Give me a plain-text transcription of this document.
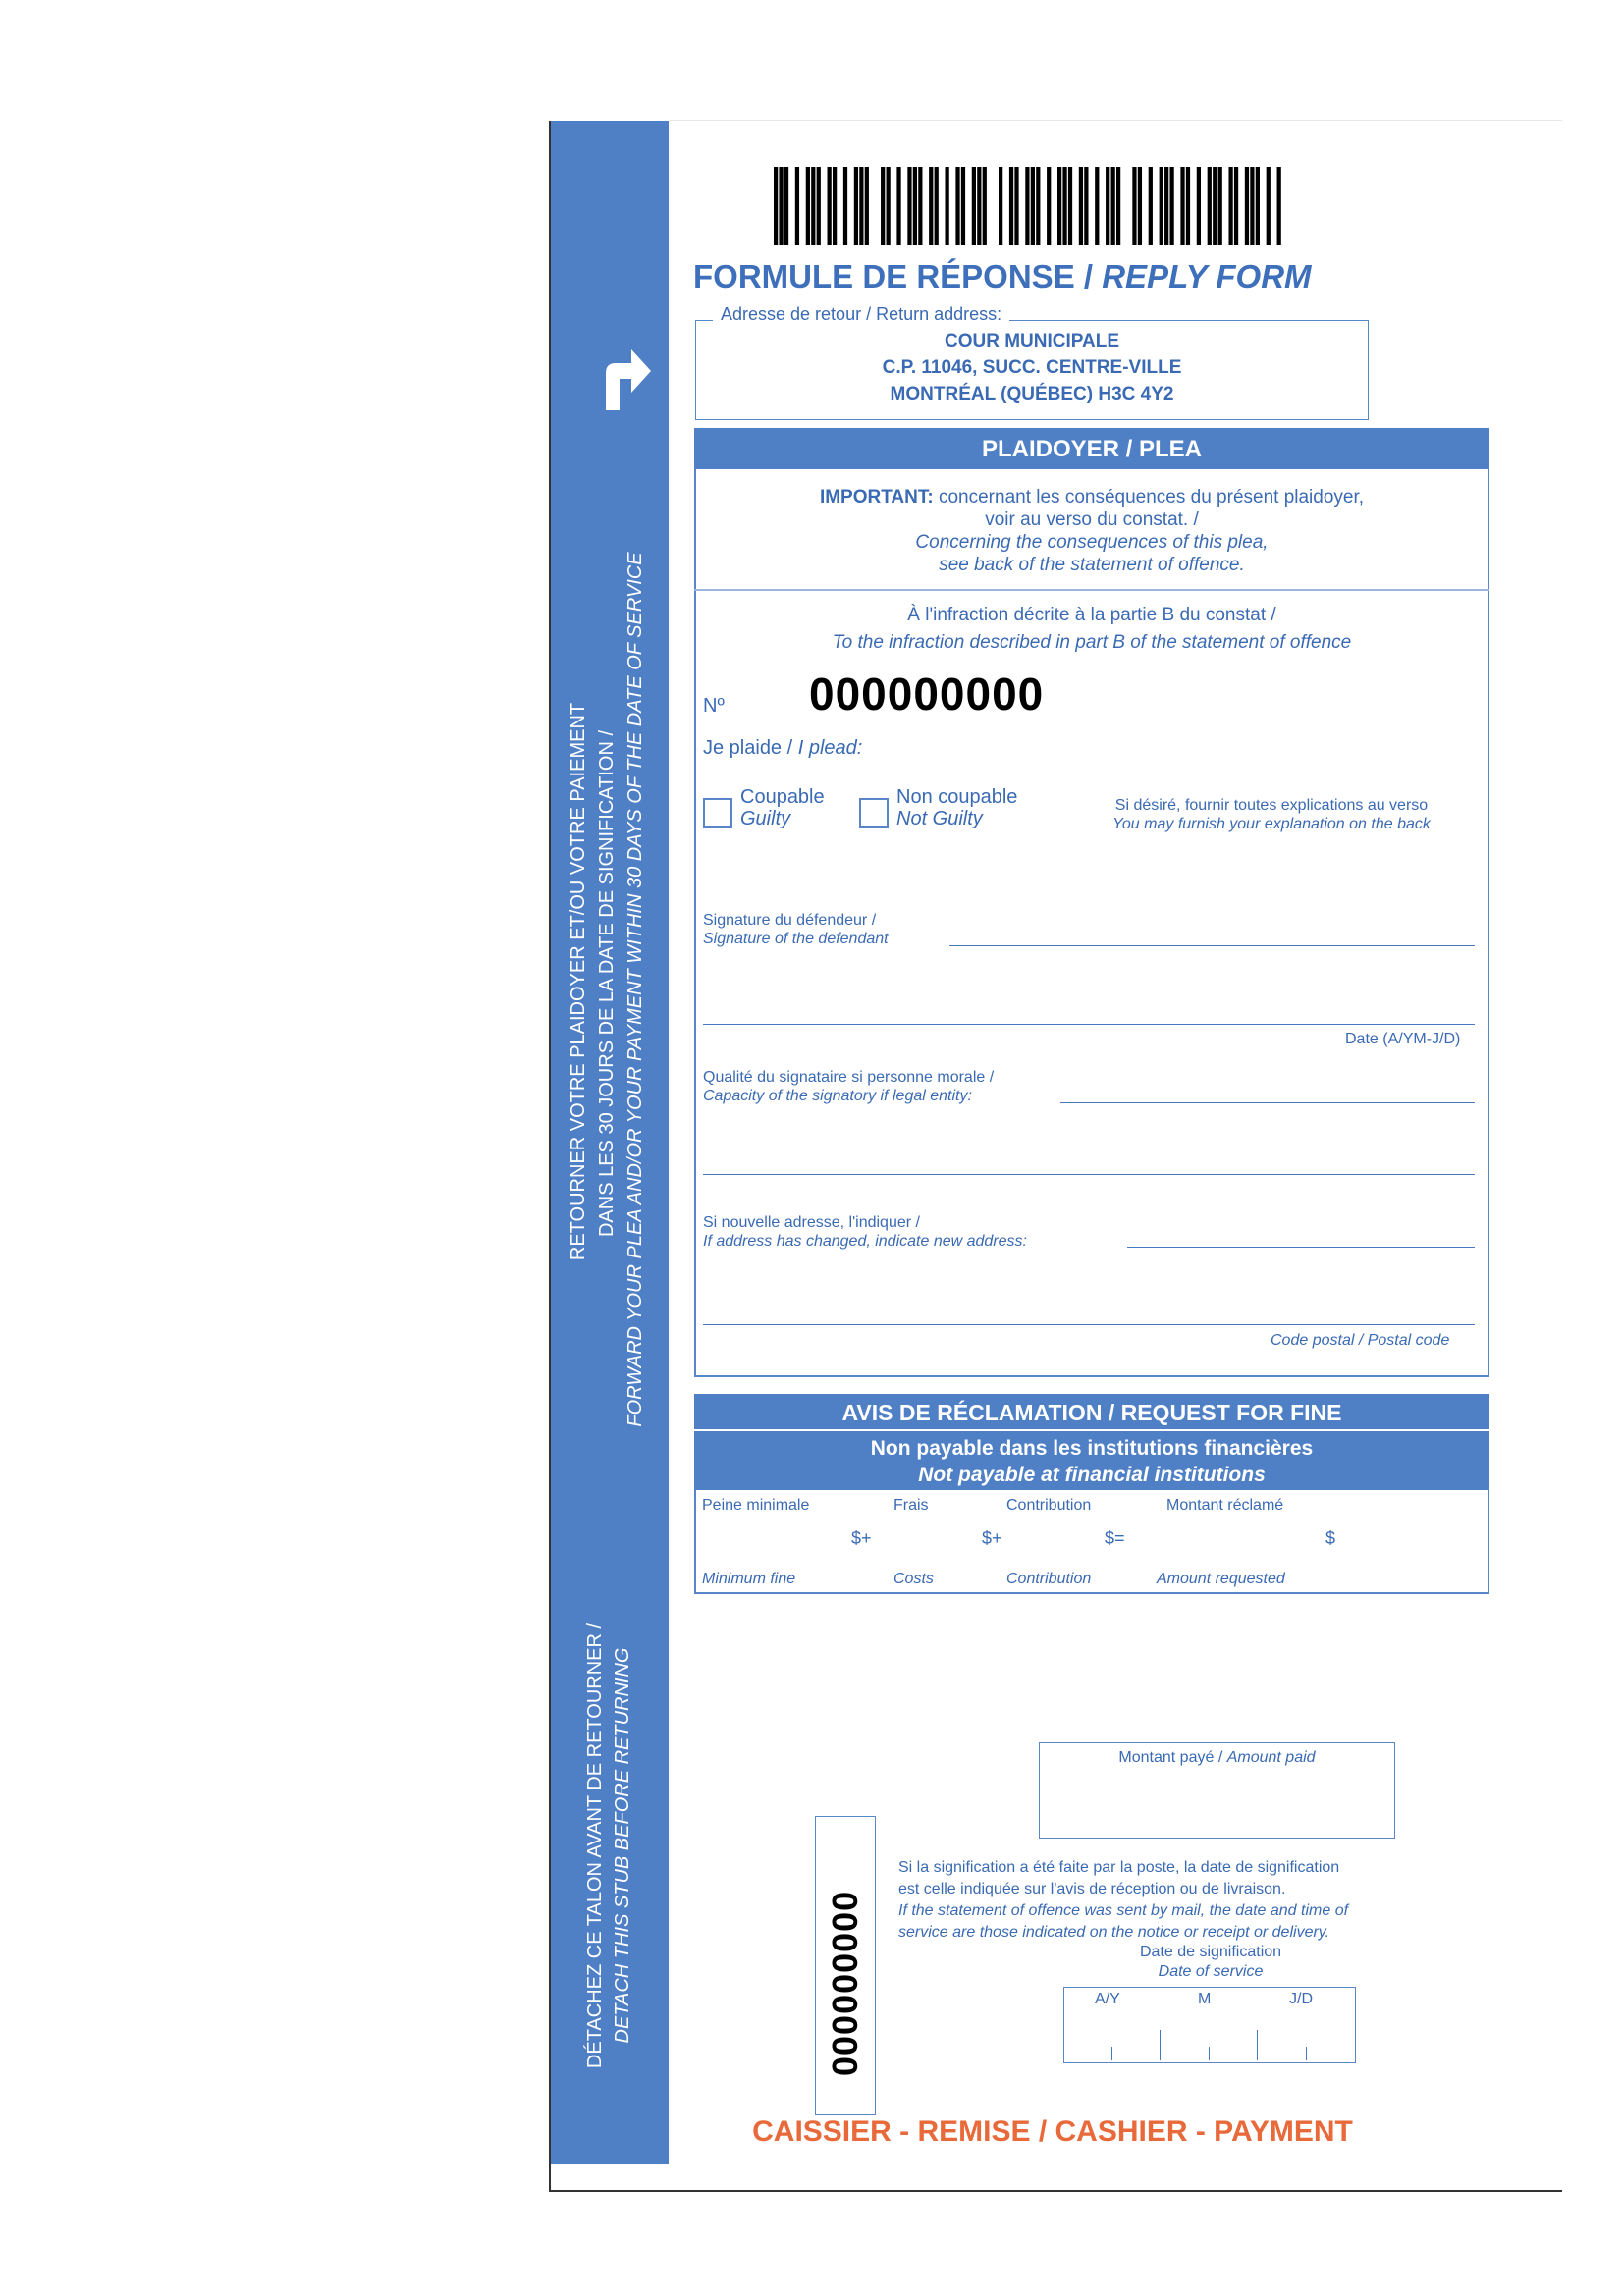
RETOURNER VOTRE PLAIDOYER ET/OU VOTRE PAIEMENT DANS LES 30 JOURS DE LA DATE DE SIGNIFICATION / FORWARD YOUR PLEA AND/OR YOUR PAYMENT WITHIN 30 DAYS OF THE DATE OF SERVICE
DÉTACHEZ CE TALON AVANT DE RETOURNER / DETACH THIS STUB BEFORE RETURNING
FORMULE DE RÉPONSE / REPLY FORM
Adresse de retour / Return address:
COUR MUNICIPALE
C.P. 11046, SUCC. CENTRE-VILLE
MONTRÉAL (QUÉBEC) H3C 4Y2
PLAIDOYER / PLEA
IMPORTANT: concernant les conséquences du présent plaidoyer,
voir au verso du constat. /
Concerning the consequences of this plea,
see back of the statement of offence.
À l'infraction décrite à la partie B du constat /
To the infraction described in part B of the statement of offence
Nº 000000000
Je plaide / I plead:
Coupable
Guilty
Non coupable
Not Guilty
Si désiré, fournir toutes explications au verso
You may furnish your explanation on the back
Signature du défendeur /
Signature of the defendant
Date (A/YM-J/D)
Qualité du signataire si personne morale /
Capacity of the signatory if legal entity:
Si nouvelle adresse, l'indiquer /
If address has changed, indicate new address:
Code postal / Postal code
AVIS DE RÉCLAMATION / REQUEST FOR FINE
Non payable dans les institutions financières
Not payable at financial institutions
Peine minimale	Frais	Contribution	Montant réclamé
$+	$+	$=	$
Minimum fine	Costs	Contribution	Amount requested
Montant payé / Amount paid
000000000
Si la signification a été faite par la poste, la date de signification
est celle indiquée sur l'avis de réception ou de livraison.
If the statement of offence was sent by mail, the date and time of
service are those indicated on the notice or receipt or delivery.
Date de signification
Date of service
A/Y	M	J/D
CAISSIER - REMISE / CASHIER - PAYMENT
